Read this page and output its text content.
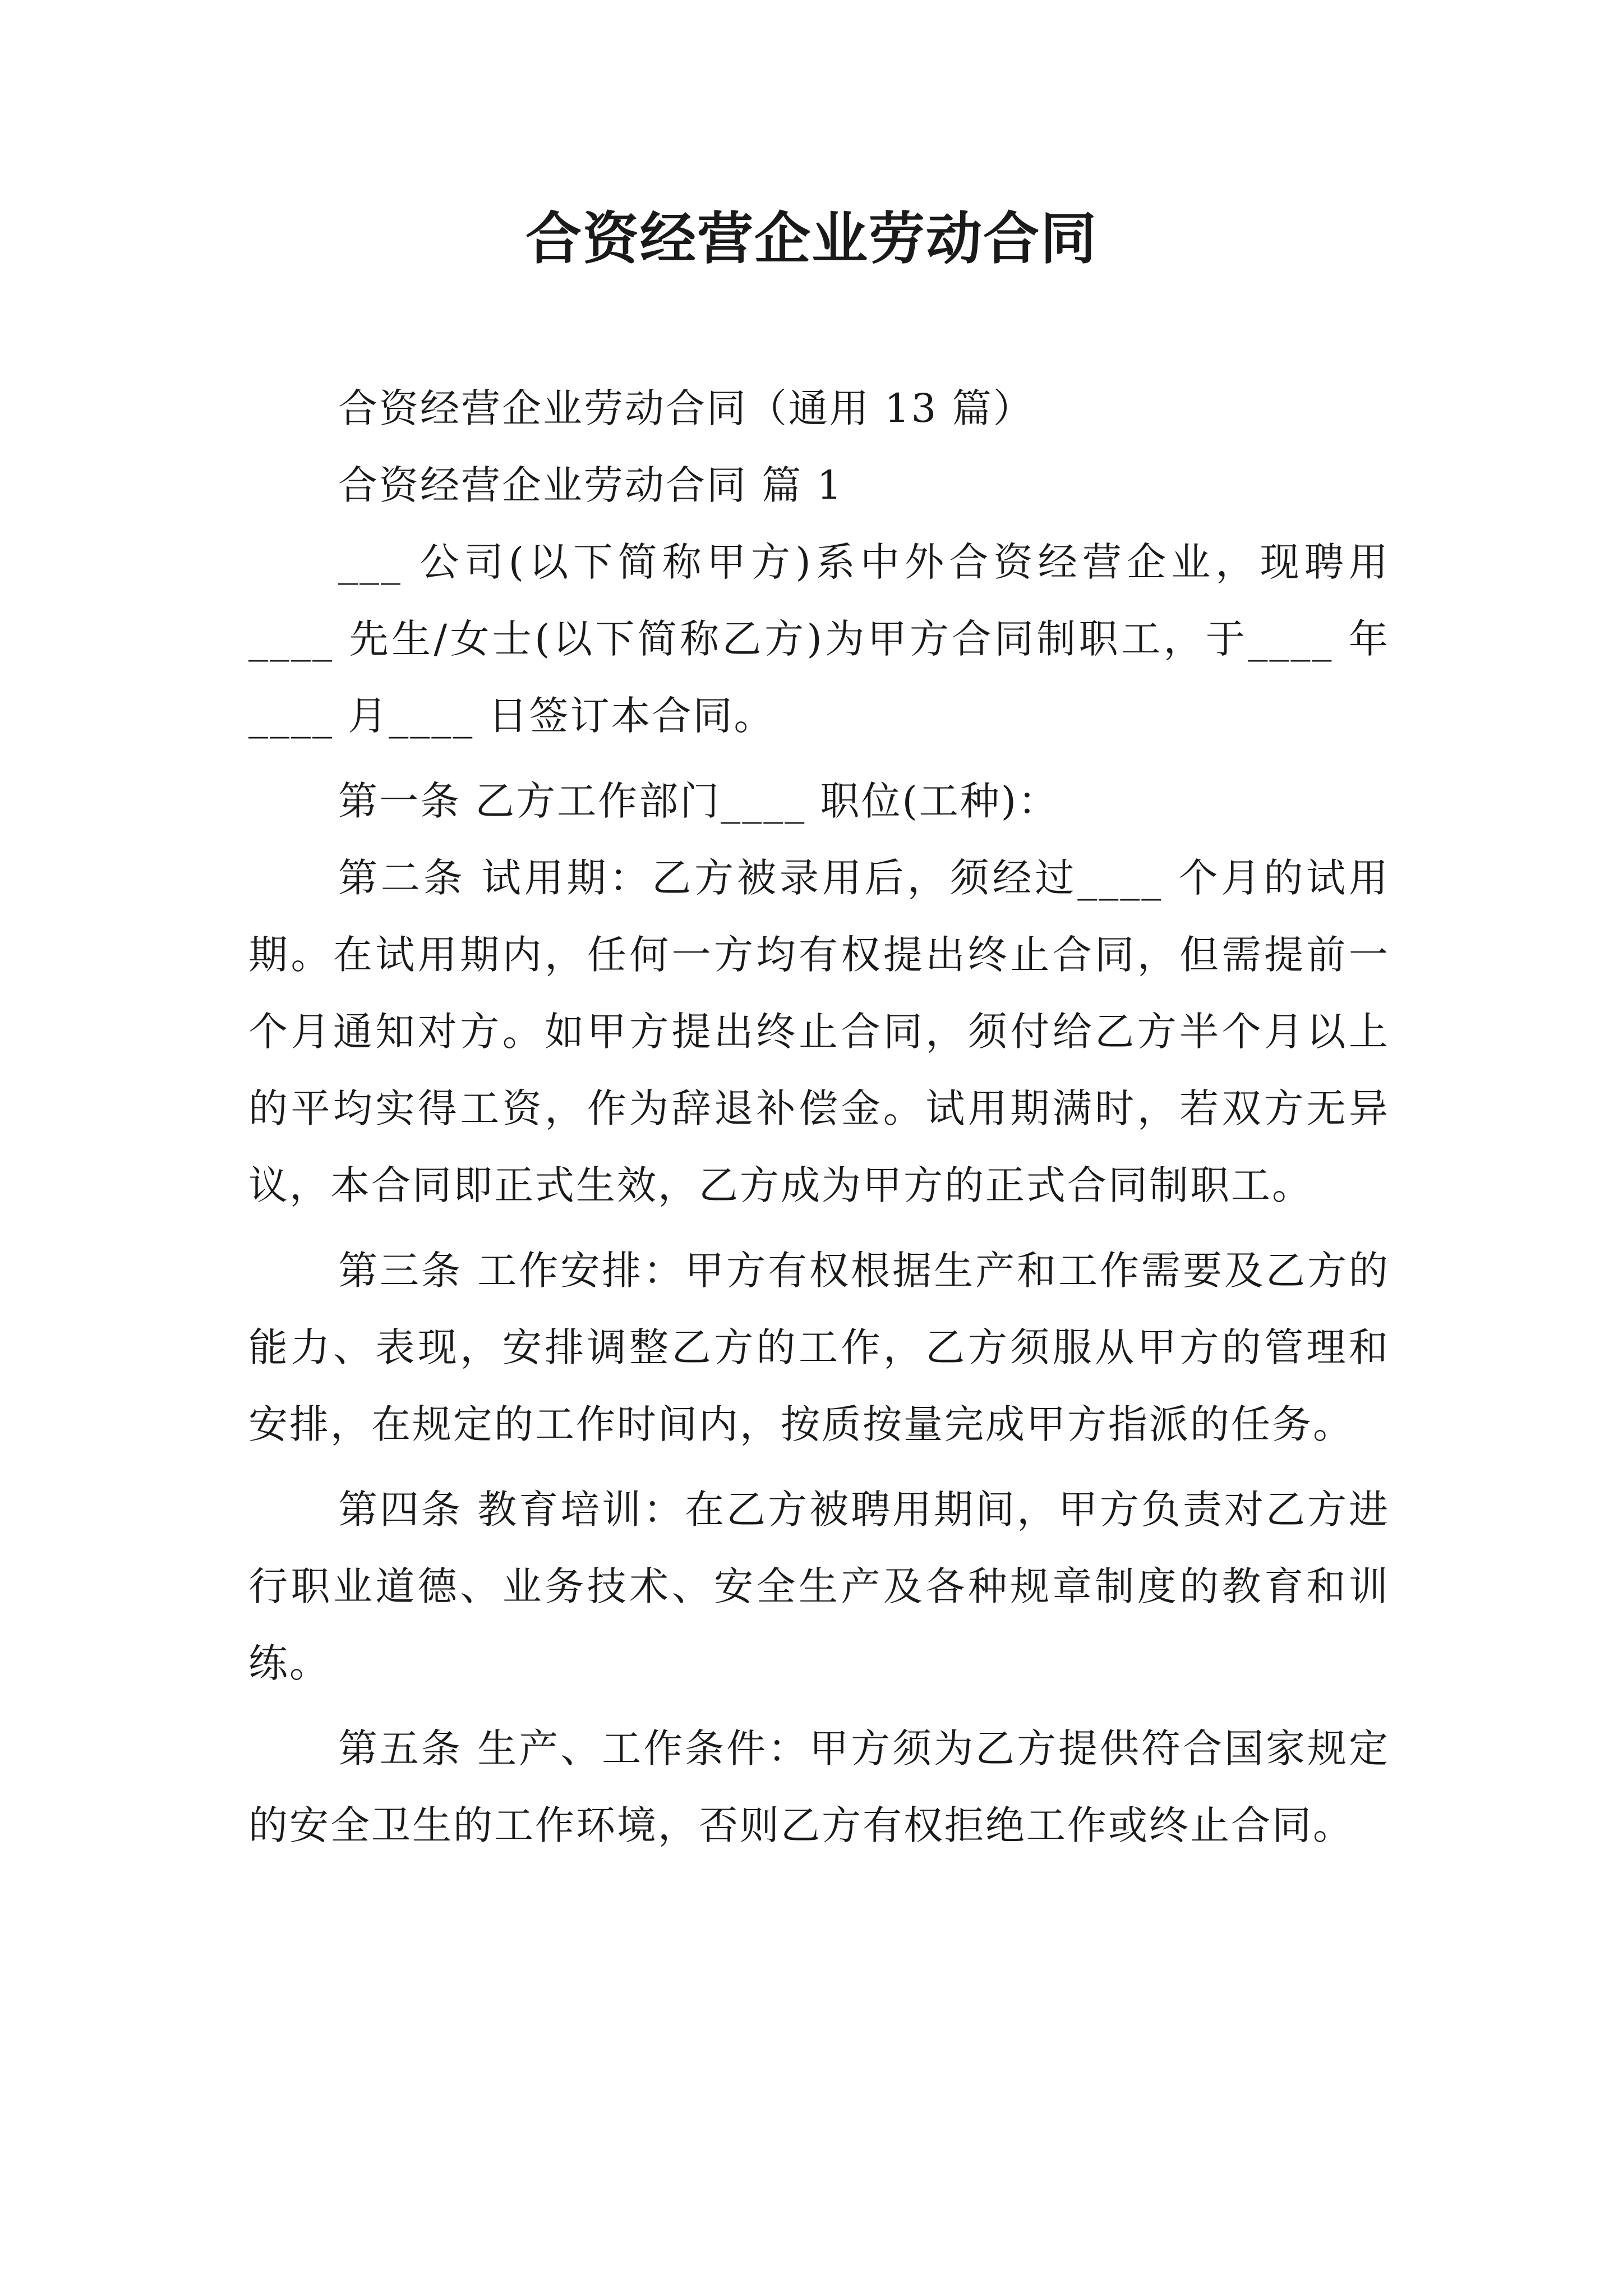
合资经营企业劳动合同

合资经营企业劳动合同（通用 13 篇）

合资经营企业劳动合同 篇 1

___ 公司(以下简称甲方)系中外合资经营企业，现聘用 ____ 先生/女士(以下简称乙方)为甲方合同制职工，于____ 年____ 月____ 日签订本合同。

第一条 乙方工作部门____ 职位(工种)：

第二条 试用期：乙方被录用后，须经过____ 个月的试用期。在试用期内，任何一方均有权提出终止合同，但需提前一个月通知对方。如甲方提出终止合同，须付给乙方半个月以上的平均实得工资，作为辞退补偿金。试用期满时，若双方无异议，本合同即正式生效，乙方成为甲方的正式合同制职工。

第三条 工作安排：甲方有权根据生产和工作需要及乙方的能力、表现，安排调整乙方的工作，乙方须服从甲方的管理和安排，在规定的工作时间内，按质按量完成甲方指派的任务。

第四条 教育培训：在乙方被聘用期间，甲方负责对乙方进行职业道德、业务技术、安全生产及各种规章制度的教育和训练。

第五条 生产、工作条件：甲方须为乙方提供符合国家规定的安全卫生的工作环境，否则乙方有权拒绝工作或终止合同。
